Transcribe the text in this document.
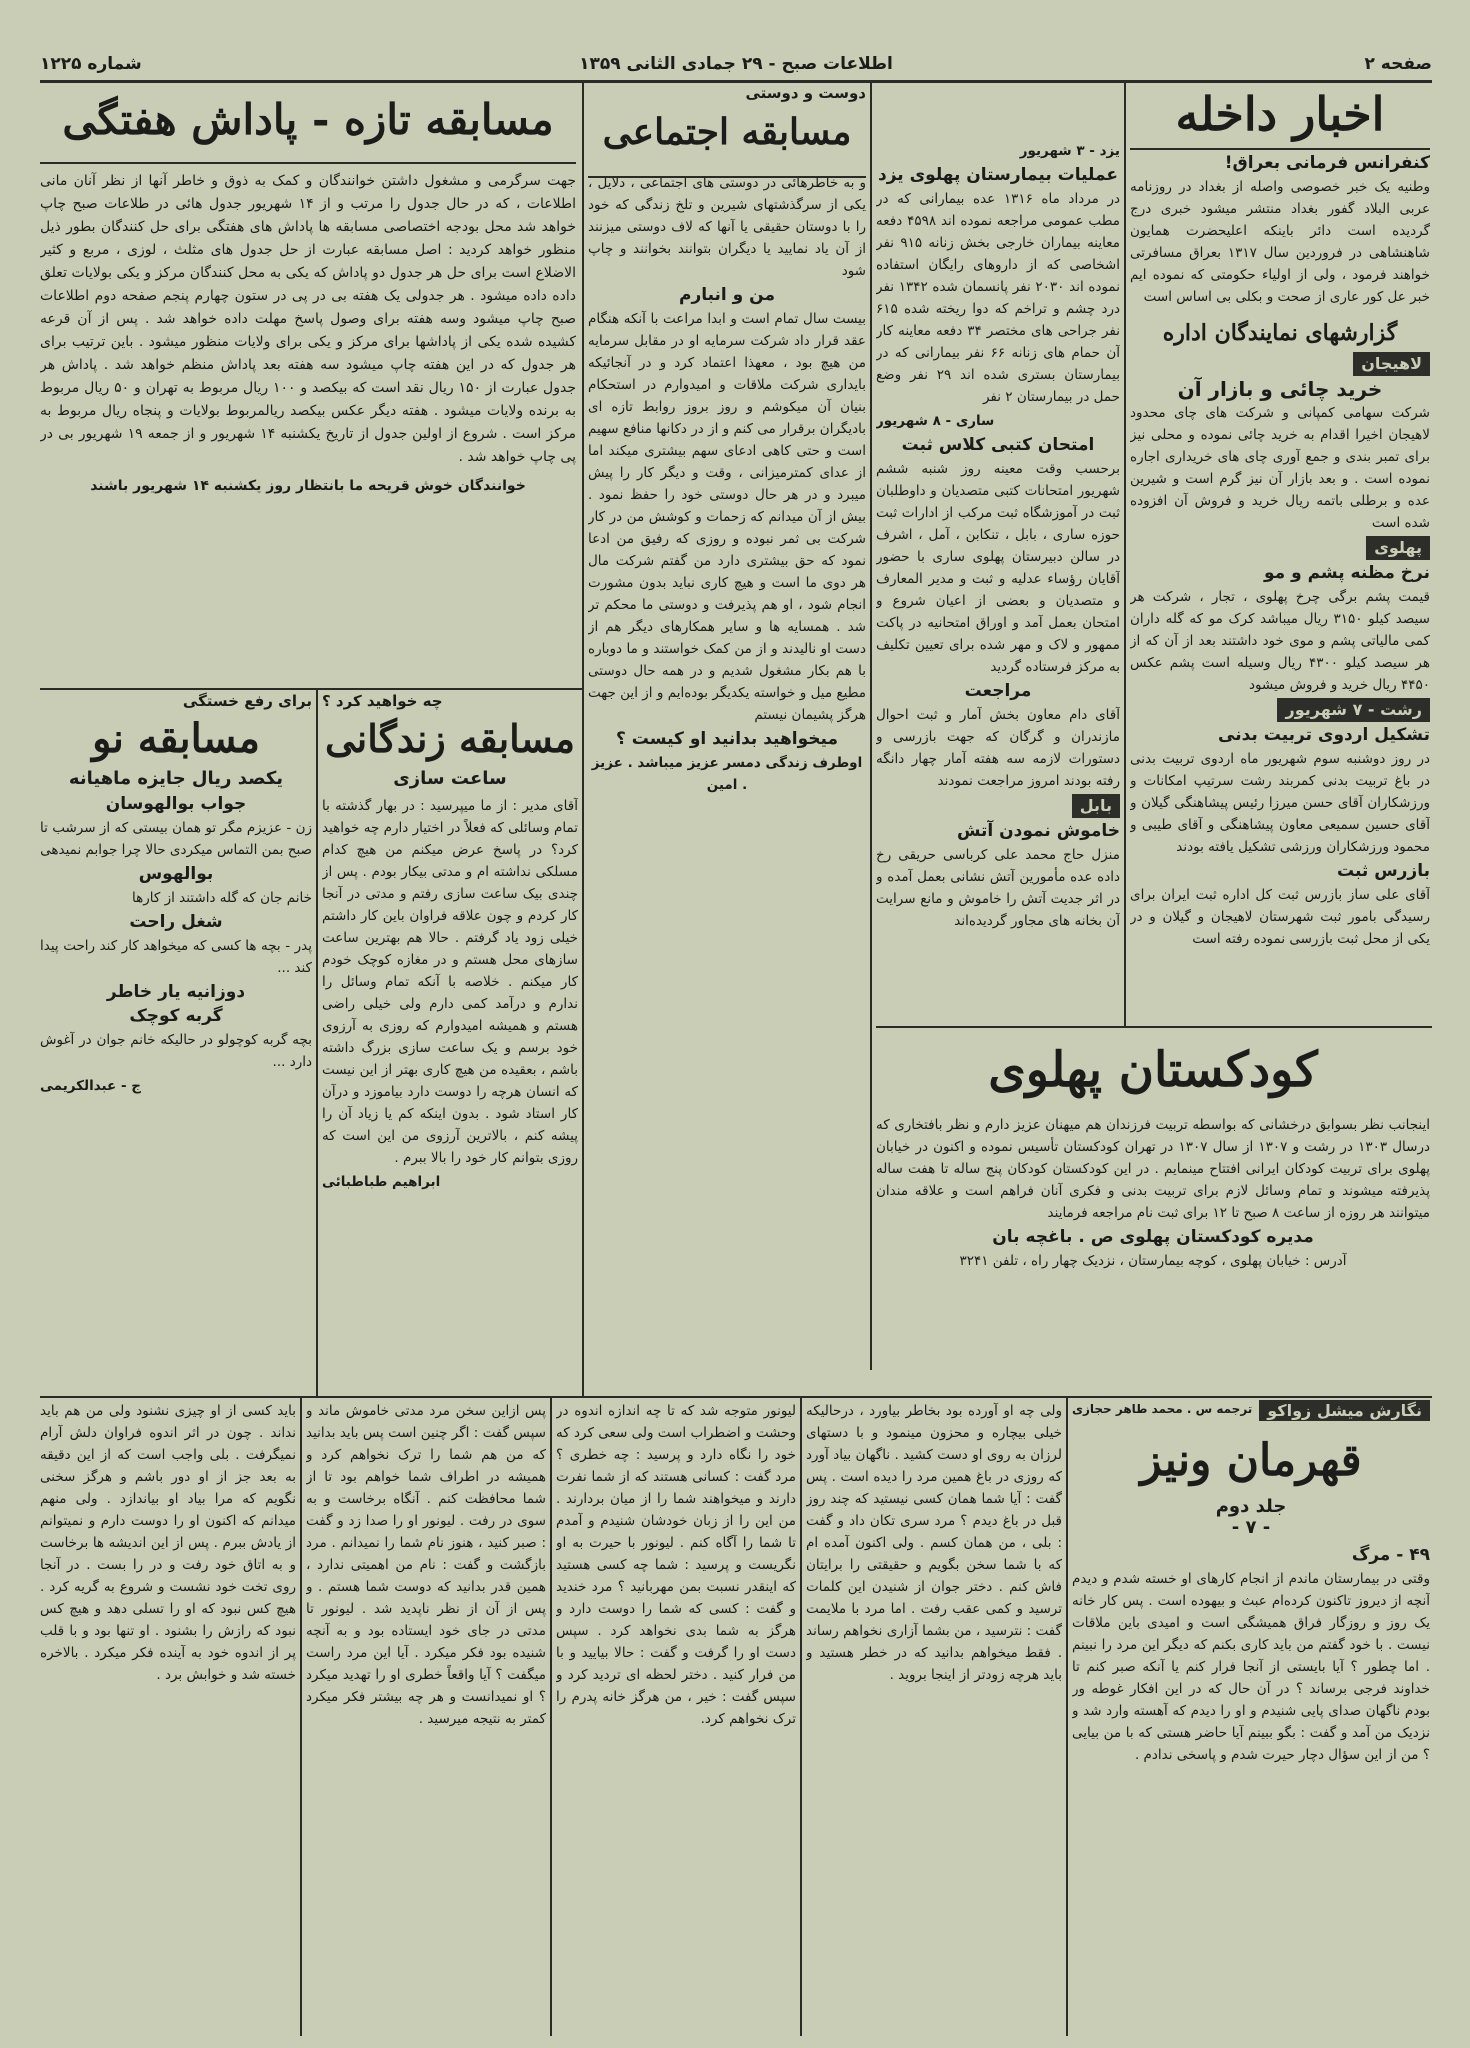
صفحه ۲
اطلاعات صبح - ۲۹ جمادی الثانی ۱۳۵۹
شماره ۱۲۲۵
اخبار داخله

کنفرانس فرمانی بعراق!

وطنیه یک خبر خصوصی واصله از بغداد در روزنامه عربی البلاد گفور بغداد منتشر میشود خبری درج گردیده است دائر باینکه اعلیحضرت همایون شاهنشاهی در فروردین سال ۱۳۱۷ بعراق مسافرتی خواهند فرمود ، ولی از اولیاء حکومتی که نموده ایم خبر عل کور عاری از صحت و بکلی بی اساس است

گزارشهای نمایندگان اداره

لاهیجان

خرید چائی و بازار آن

شرکت سهامی کمپانی و شرکت های چای محدود لاهیجان اخیرا اقدام به خرید چائی نموده و محلی نیز برای تمبر بندی و جمع آوری چای های خریداری اجاره نموده است . و بعد بازار آن نیز گرم است و شیرین عده و برطلی باتمه ریال خرید و فروش آن افزوده شده است

پهلوی

نرخ مظنه پشم و مو

قیمت پشم برگی چرخ پهلوی ، تجار ، شرکت هر سیصد کیلو ۳۱۵۰ ریال میباشد کرک مو که گله داران کمی مالیاتی پشم و موی خود داشتند بعد از آن که از هر سیصد کیلو ۴۳۰۰ ریال وسیله است پشم عکس ۴۴۵۰ ریال خرید و فروش میشود

رشت - ۷ شهریور

تشکیل اردوی تربیت بدنی

در روز دوشنبه سوم شهریور ماه اردوی تربیت بدنی در باغ تربیت بدنی کمربند رشت سرتیپ امکانات و ورزشکاران آقای حسن میرزا رئیس پیشاهنگی گیلان و آقای حسین سمیعی معاون پیشاهنگی و آقای طیبی و محمود ورزشکاران ورزشی تشکیل یافته بودند

بازرس ثبت

آقای علی ساز بازرس ثبت کل اداره ثبت ایران برای رسیدگی بامور ثبت شهرستان لاهیجان و گیلان و در یکی از محل ثبت بازرسی نموده رفته است

یزد - ۳ شهریور

عملیات بیمارستان پهلوی یزد

در مرداد ماه ۱۳۱۶ عده بیمارانی که در مطب عمومی مراجعه نموده اند ۴۵۹۸ دفعه معاینه بیماران خارجی بخش زنانه ۹۱۵ نفر اشخاصی که از داروهای رایگان استفاده نموده اند ۲۰۳۰ نفر پانسمان شده ۱۳۴۲ نفر درد چشم و تراخم که دوا ریخته شده ۶۱۵ نفر جراحی های مختصر ۳۴ دفعه معاینه کار آن حمام های زنانه ۶۶ نفر بیمارانی که در بیمارستان بستری شده اند ۲۹ نفر وضع حمل در بیمارستان ۲ نفر

ساری - ۸ شهریور

امتحان کتبی کلاس ثبت

برحسب وقت معینه روز شنبه ششم شهریور امتحانات کتبی متصدیان و داوطلبان ثبت در آموزشگاه ثبت مرکب از ادارات ثبت حوزه ساری ، بابل ، تنکابن ، آمل ، اشرف در سالن دبیرستان پهلوی ساری با حضور آقایان رؤساء عدلیه و ثبت و مدیر المعارف و متصدیان و بعضی از اعیان شروع و امتحان بعمل آمد و اوراق امتحانیه در پاکت ممهور و لاک و مهر شده برای تعیین تکلیف به مرکز فرستاده گردید

مراجعت

آقای دام معاون بخش آمار و ثبت احوال مازندران و گرگان که جهت بازرسی و دستورات لازمه سه هفته آمار چهار دانگه رفته بودند امروز مراجعت نمودند

بابل

خاموش نمودن آتش

منزل حاج محمد علی کرباسی حریقی رخ داده عده مأمورین آتش نشانی بعمل آمده و در اثر جدیت آتش را خاموش و مانع سرایت آن بخانه های مجاور گردیده‌اند

دوست و دوستی
مسابقه اجتماعی

و به خاطرهائی در دوستی های اجتماعی ، دلایل ، یکی از سرگذشتهای شیرین و تلخ زندگی که خود را با دوستان حقیقی یا آنها که لاف دوستی میزنند از آن یاد نمایید یا دیگران بتوانند بخوانند و چاپ شود

من و انبارم

بیست سال تمام است و ابدا مراعت با آنکه هنگام عقد قرار داد شرکت سرمایه او در مقابل سرمایه من هیچ بود ، معهذا اعتماد کرد و در آنجائیکه بایداری شرکت ملاقات و امیدوارم در استحکام بنیان آن میکوشم و روز بروز روابط تازه ای بادیگران برقرار می کنم و از در دکانها منافع سهیم است و حتی کاهی ادعای سهم بیشتری میکند اما از عدای کمترمیزانی ، وقت و دیگر کار را پیش میبرد و در هر حال دوستی خود را حفظ نمود . بیش از آن میدانم که زحمات و کوشش من در کار شرکت بی ثمر نبوده و روزی که رفیق من ادعا نمود که حق بیشتری دارد من گفتم شرکت مال هر دوی ما است و هیچ کاری نباید بدون مشورت انجام شود ، او هم پذیرفت و دوستی ما محکم تر شد . همسایه ها و سایر همکارهای دیگر هم از دست او نالیدند و از من کمک خواستند و ما دوباره با هم بکار مشغول شدیم و در همه حال دوستی مطیع میل و خواسته یکدیگر بوده‌ایم و از این جهت هرگز پشیمان نیستم

میخواهید بدانید او کیست ؟

اوطرف زندگی دمسر عزیز میباشد . عزیز . امین

مسابقه تازه - پاداش هفتگی

جهت سرگرمی و مشغول داشتن خوانندگان و کمک به ذوق و خاطر آنها از نظر آنان مانی اطلاعات ، که در حال جدول را مرتب و از ۱۴ شهریور جدول هائی در طلاعات صبح چاپ خواهد شد محل بودجه اختصاصی مسابقه ها پاداش های هفتگی برای حل کنندگان بطور ذیل منظور خواهد کردید : اصل مسابقه عبارت از حل جدول های مثلث ، لوزی ، مربع و کثیر الاضلاع است برای حل هر جدول دو پاداش که یکی به محل کنندگان مرکز و یکی بولایات تعلق داده داده میشود . هر جدولی یک هفته بی در پی در ستون چهارم پنجم صفحه دوم اطلاعات صبح چاپ میشود وسه هفته برای وصول پاسخ مهلت داده خواهد شد . پس از آن قرعه کشیده شده یکی از پاداشها برای مرکز و یکی برای ولایات منظور میشود . باین ترتیب برای هر جدول که در این هفته چاپ میشود سه هفته بعد پاداش منظم خواهد شد . پاداش هر جدول عبارت از ۱۵۰ ریال نقد است که بیکصد و ۱۰۰ ریال مربوط به تهران و ۵۰ ریال مربوط به برنده ولایات میشود . هفته دیگر عکس بیکصد ریالمربوط بولایات و پنجاه ریال مربوط به مرکز است . شروع از اولین جدول از تاریخ یکشنبه ۱۴ شهریور و از جمعه ۱۹ شهریور بی در پی چاپ خواهد شد .

خوانندگان خوش قریحه ما بانتظار روز یکشنبه ۱۴ شهریور باشند

چه خواهید کرد ؟
مسابقه زندگانی
ساعت سازی

آقای مدیر : از ما میپرسید : در بهار گذشته با تمام وسائلی که فعلاً در اختیار دارم چه خواهید کرد؟ در پاسخ عرض میکنم من هیچ کدام مسلکی نداشته ام و مدتی بیکار بودم . پس از چندی بیک ساعت سازی رفتم و مدتی در آنجا کار کردم و چون علاقه فراوان باین کار داشتم خیلی زود یاد گرفتم . حالا هم بهترین ساعت سازهای محل هستم و در مغازه کوچک خودم کار میکنم . خلاصه با آنکه تمام وسائل را ندارم و درآمد کمی دارم ولی خیلی راضی هستم و همیشه امیدوارم که روزی به آرزوی خود برسم و یک ساعت سازی بزرگ داشته باشم ، بعقیده من هیچ کاری بهتر از این نیست که انسان هرچه را دوست دارد بیاموزد و درآن کار استاد شود . بدون اینکه کم یا زیاد آن را پیشه کنم ، بالاترین آرزوی من این است که روزی بتوانم کار خود را بالا ببرم .

ابراهیم طباطبائی

برای رفع خستگی
مسابقه نو
یکصد ریال جایزه ماهیانه

جواب بوالهوسان

زن - عزیزم مگر تو همان بیستی که از سرشب تا صبح بمن التماس میکردی حالا چرا جوابم نمیدهی

بوالهوس

خانم جان که گله داشتند از کارها

شغل راحت

پدر - بچه ها کسی که میخواهد کار کند راحت پیدا کند ...

دوزانیه یار خاطر

گربه کوچک

بچه گربه کوچولو در حالیکه خانم جوان در آغوش دارد ...

ج - عبدالکریمی	کودکستان پهلوی

اینجانب نظر بسوابق درخشانی که بواسطه تربیت فرزندان هم میهنان عزیز دارم و نظر بافتخاری که درسال ۱۳۰۳ در رشت و ۱۳۰۷ از سال ۱۳۰۷ در تهران کودکستان تأسیس نموده و اکنون در خیابان پهلوی برای تربیت کودکان ایرانی افتتاح مینمایم . در این کودکستان کودکان پنج ساله تا هفت ساله پذیرفته میشوند و تمام وسائل لازم برای تربیت بدنی و فکری آنان فراهم است و علاقه مندان میتوانند هر روزه از ساعت ۸ صبح تا ۱۲ برای ثبت نام مراجعه فرمایند

مدیره کودکستان پهلوی ص . باغچه بان

آدرس : خیابان پهلوی ، کوچه بیمارستان ، نزدیک چهار راه ، تلفن ۳۲۴۱

نگارش میشل زواکو
ترجمه س . محمد طاهر حجازی
قهرمان ونیز
جلد دوم
- ۷ -

۴۹ - مرگ

وقتی در بیمارستان ماندم از انجام کارهای او خسته شدم و دیدم آنچه از دیروز تاکنون کرده‌ام عبث و بیهوده است . پس کار خانه یک روز و روزگار فراق همیشگی است و امیدی باین ملاقات نیست . با خود گفتم من باید کاری بکنم که دیگر این مرد را نبینم . اما چطور ؟ آیا بایستی از آنجا فرار کنم یا آنکه صبر کنم تا خداوند فرجی برساند ؟ در آن حال که در این افکار غوطه ور بودم ناگهان صدای پایی شنیدم و او را دیدم که آهسته وارد شد و نزدیک من آمد و گفت : بگو ببینم آیا حاضر هستی که با من بیایی ؟ من از این سؤال دچار حیرت شدم و پاسخی ندادم .

ولی چه او آورده بود بخاطر بیاورد ، درحالیکه خیلی بیچاره و محزون مینمود و با دستهای لرزان به روی او دست کشید . ناگهان بیاد آورد که روزی در باغ همین مرد را دیده است . پس گفت : آیا شما همان کسی نیستید که چند روز قبل در باغ دیدم ؟ مرد سری تکان داد و گفت : بلی ، من همان کسم . ولی اکنون آمده ام که با شما سخن بگویم و حقیقتی را برایتان فاش کنم . دختر جوان از شنیدن این کلمات ترسید و کمی عقب رفت . اما مرد با ملایمت گفت : نترسید ، من بشما آزاری نخواهم رساند . فقط میخواهم بدانید که در خطر هستید و باید هرچه زودتر از اینجا بروید .

لیونور متوجه شد که تا چه اندازه اندوه در وحشت و اضطراب است ولی سعی کرد که خود را نگاه دارد و پرسید : چه خطری ؟ مرد گفت : کسانی هستند که از شما نفرت دارند و میخواهند شما را از میان بردارند . من این را از زبان خودشان شنیدم و آمدم تا شما را آگاه کنم . لیونور با حیرت به او نگریست و پرسید : شما چه کسی هستید که اینقدر نسبت بمن مهربانید ؟ مرد خندید و گفت : کسی که شما را دوست دارد و هرگز به شما بدی نخواهد کرد . سپس دست او را گرفت و گفت : حالا بیایید و با من فرار کنید . دختر لحظه ای تردید کرد و سپس گفت : خیر ، من هرگز خانه پدرم را ترک نخواهم کرد.

پس ازاین سخن مرد مدتی خاموش ماند و سپس گفت : اگر چنین است پس باید بدانید که من هم شما را ترک نخواهم کرد و همیشه در اطراف شما خواهم بود تا از شما محافظت کنم . آنگاه برخاست و به سوی در رفت . لیونور او را صدا زد و گفت : صبر کنید ، هنوز نام شما را نمیدانم . مرد بازگشت و گفت : نام من اهمیتی ندارد ، همین قدر بدانید که دوست شما هستم . و پس از آن از نظر ناپدید شد . لیونور تا مدتی در جای خود ایستاده بود و به آنچه شنیده بود فکر میکرد . آیا این مرد راست میگفت ؟ آیا واقعاً خطری او را تهدید میکرد ؟ او نمیدانست و هر چه بیشتر فکر میکرد کمتر به نتیجه میرسید .

باید کسی از او چیزی نشنود ولی من هم باید نداند . چون در اثر اندوه فراوان دلش آرام نمیگرفت . بلی واجب است که از این دقیقه به بعد جز از او دور باشم و هرگز سخنی نگویم که مرا بیاد او بیاندازد . ولی منهم میدانم که اکنون او را دوست دارم و نمیتوانم از یادش ببرم . پس از این اندیشه ها برخاست و به اتاق خود رفت و در را بست . در آنجا روی تخت خود نشست و شروع به گریه کرد . هیچ کس نبود که او را تسلی دهد و هیچ کس نبود که رازش را بشنود . او تنها بود و با قلب پر از اندوه خود به آینده فکر میکرد . بالاخره خسته شد و خوابش برد .
